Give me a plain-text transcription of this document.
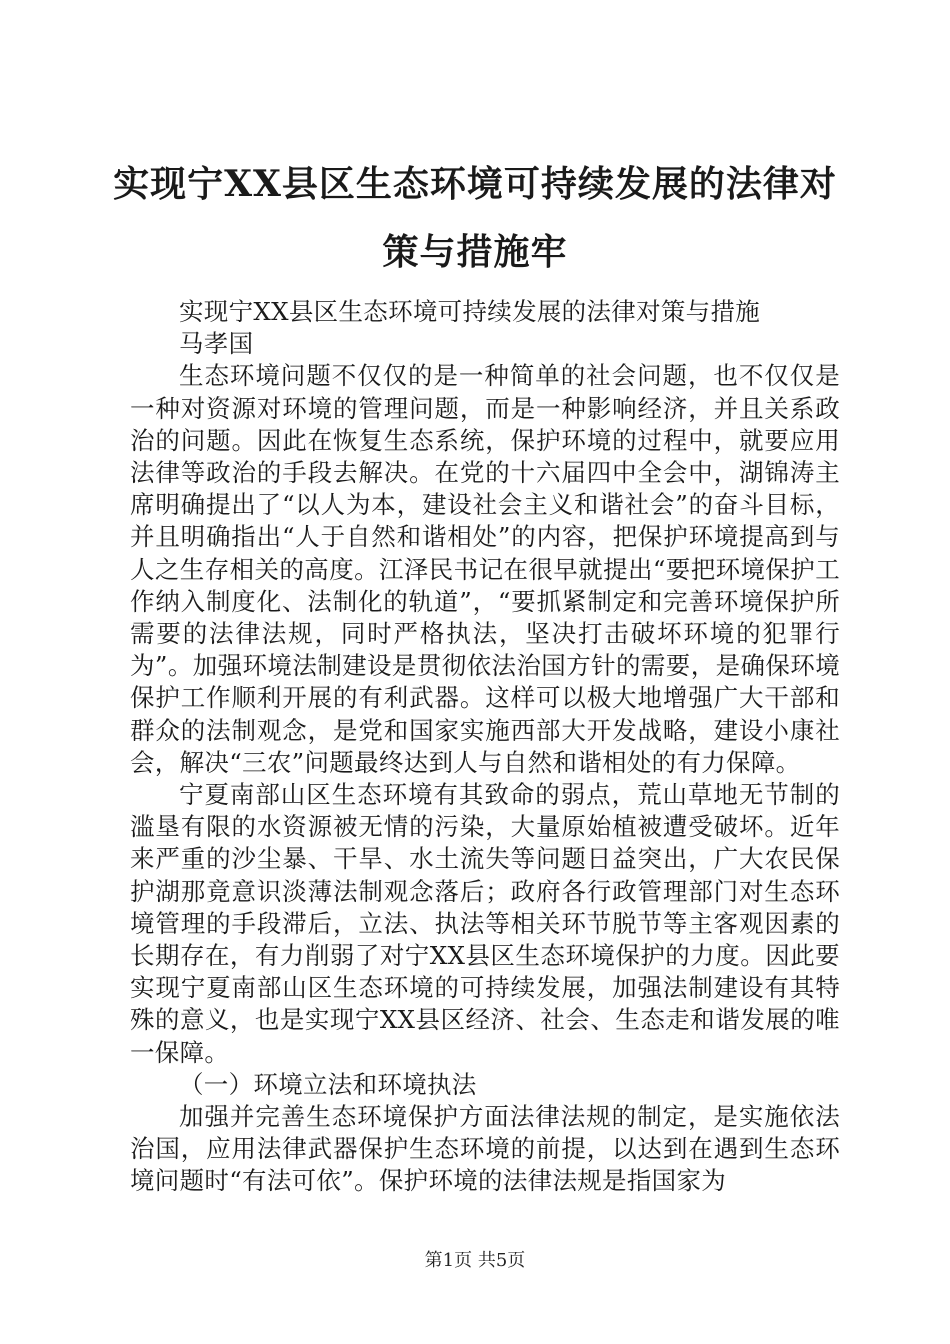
实现宁XX县区生态环境可持续发展的法律对
策与措施牢

实现宁XX县区生态环境可持续发展的法律对策与措施

马孝国

生态环境问题不仅仅的是一种简单的社会问题，也不仅仅是一种对资源对环境的管理问题，而是一种影响经济，并且关系政治的问题。因此在恢复生态系统，保护环境的过程中，就要应用法律等政治的手段去解决。在党的十六届四中全会中，湖锦涛主席明确提出了“以人为本，建设社会主义和谐社会”的奋斗目标，并且明确指出“人于自然和谐相处”的内容，把保护环境提高到与人之生存相关的高度。江泽民书记在很早就提出“要把环境保护工作纳入制度化、法制化的轨道”，“要抓紧制定和完善环境保护所需要的法律法规，同时严格执法，坚决打击破坏环境的犯罪行为”。加强环境法制建设是贯彻依法治国方针的需要，是确保环境保护工作顺利开展的有利武器。这样可以极大地增强广大干部和群众的法制观念，是党和国家实施西部大开发战略，建设小康社会，解决“三农”问题最终达到人与自然和谐相处的有力保障。

宁夏南部山区生态环境有其致命的弱点，荒山草地无节制的滥垦有限的水资源被无情的污染，大量原始植被遭受破坏。近年来严重的沙尘暴、干旱、水土流失等问题日益突出，广大农民保护湖那竟意识淡薄法制观念落后；政府各行政管理部门对生态环境管理的手段滞后，立法、执法等相关环节脱节等主客观因素的长期存在，有力削弱了对宁XX县区生态环境保护的力度。因此要实现宁夏南部山区生态环境的可持续发展，加强法制建设有其特殊的意义，也是实现宁XX县区经济、社会、生态走和谐发展的唯一保障。

（一）环境立法和环境执法

加强并完善生态环境保护方面法律法规的制定，是实施依法治国，应用法律武器保护生态环境的前提，以达到在遇到生态环境问题时“有法可依”。保护环境的法律法规是指国家为

第1页 共5页
